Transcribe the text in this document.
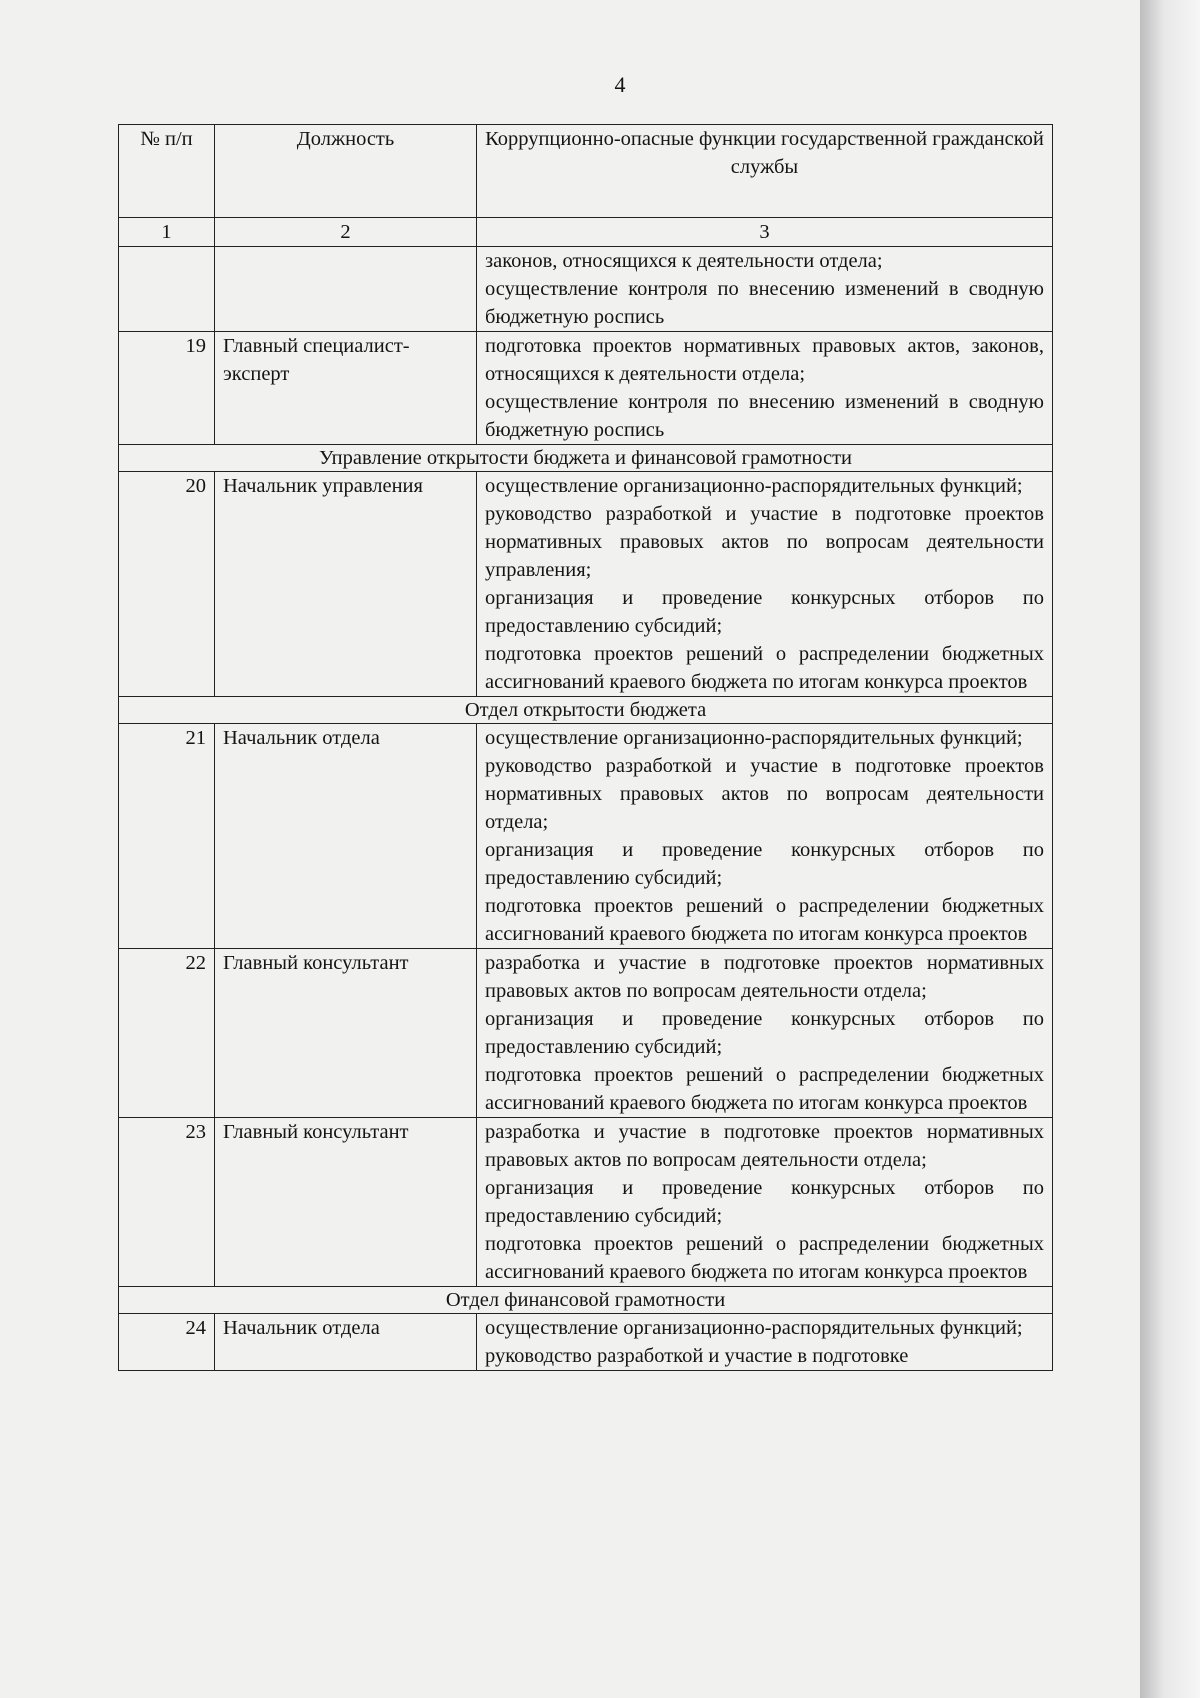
4
№ п/п	Должность	Коррупционно-опасные функции государственной гражданской службы
1	2	3

		законов, относящихся к деятельности отдела;
осуществление контроля по внесению изменений в сводную бюджетную роспись

19	Главный специалист-эксперт	подготовка проектов нормативных правовых актов, законов, относящихся к деятельности отдела;
осуществление контроля по внесению изменений в сводную бюджетную роспись

Управление открытости бюджета и финансовой грамотности		
20	Начальник управления	осуществление организационно-распорядительных функций;
руководство разработкой и участие в подготовке проектов нормативных правовых актов по вопросам деятельности управления;
организация и проведение конкурсных отборов по предоставлению субсидий;
подготовка проектов решений о распределении бюджетных ассигнований краевого бюджета по итогам конкурса проектов

Отдел открытости бюджета		
21	Начальник отдела	осуществление организационно-распорядительных функций;
руководство разработкой и участие в подготовке проектов нормативных правовых актов по вопросам деятельности отдела;
организация и проведение конкурсных отборов по предоставлению субсидий;
подготовка проектов решений о распределении бюджетных ассигнований краевого бюджета по итогам конкурса проектов

22	Главный консультант	разработка и участие в подготовке проектов нормативных правовых актов по вопросам деятельности отдела;
организация и проведение конкурсных отборов по предоставлению субсидий;
подготовка проектов решений о распределении бюджетных ассигнований краевого бюджета по итогам конкурса проектов

23	Главный консультант	разработка и участие в подготовке проектов нормативных правовых актов по вопросам деятельности отдела;
организация и проведение конкурсных отборов по предоставлению субсидий;
подготовка проектов решений о распределении бюджетных ассигнований краевого бюджета по итогам конкурса проектов

Отдел финансовой грамотности		
24	Начальник отдела	осуществление организационно-распорядительных функций;
руководство разработкой и участие в подготовке
